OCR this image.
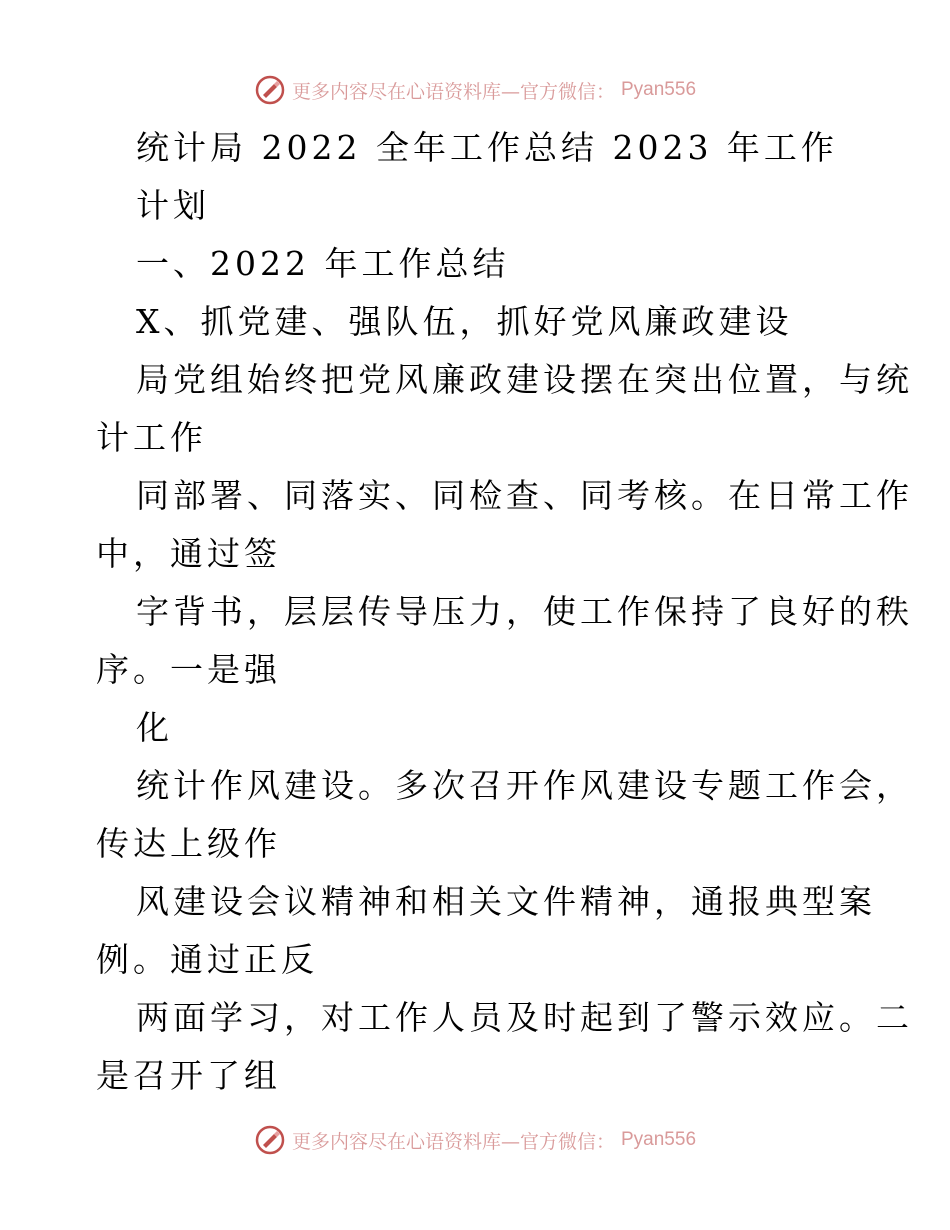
更多内容尽在心语资料库—官方微信： Pyan556
统计局 2022 全年工作总结 2023 年工作
计划
一、2022 年工作总结
X、抓党建、强队伍，抓好党风廉政建设
局党组始终把党风廉政建设摆在突出位置，与统
计工作
同部署、同落实、同检查、同考核。在日常工作
中，通过签
字背书，层层传导压力，使工作保持了良好的秩
序。一是强
化
统计作风建设。多次召开作风建设专题工作会，
传达上级作
风建设会议精神和相关文件精神，通报典型案
例。通过正反
两面学习，对工作人员及时起到了警示效应。二
是召开了组
更多内容尽在心语资料库—官方微信： Pyan556
